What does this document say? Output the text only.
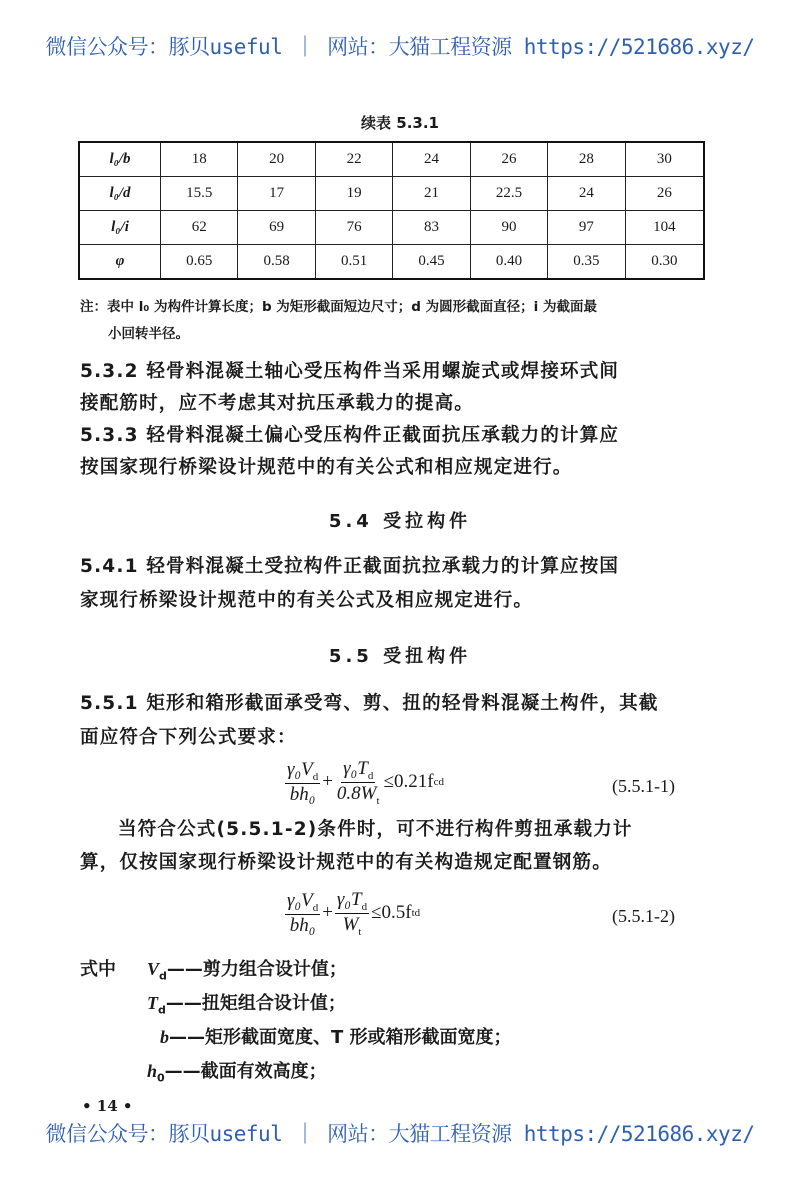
微信公众号：豚贝useful ｜ 网站：大猫工程资源 https://521686.xyz/
续表 5.3.1
l₀/b	18	20	22	24	26	28	30
l₀/d	15.5	17	19	21	22.5	24	26
l₀/i	62	69	76	83	90	97	104
φ	0.65	0.58	0.51	0.45	0.40	0.35	0.30
注：表中 l₀ 为构件计算长度；b 为矩形截面短边尺寸；d 为圆形截面直径；i 为截面最
小回转半径。
5.3.2 轻骨料混凝土轴心受压构件当采用螺旋式或焊接环式间
接配筋时，应不考虑其对抗压承载力的提高。
5.3.3 轻骨料混凝土偏心受压构件正截面抗压承载力的计算应
按国家现行桥梁设计规范中的有关公式和相应规定进行。
5.4 受拉构件
5.4.1 轻骨料混凝土受拉构件正截面抗拉承载力的计算应按国
家现行桥梁设计规范中的有关公式及相应规定进行。
5.5 受扭构件
5.5.1 矩形和箱形截面承受弯、剪、扭的轻骨料混凝土构件，其截
面应符合下列公式要求：
$\frac{\gamma_0V_d}{\text{bh₀}} + \frac{\gamma_0T_d}{0.8W_t} \le 0.21f$ cd	(5.5.1-1)
当符合公式(5.5.1-2)条件时，可不进行构件剪扭承载力计
算，仅按国家现行桥梁设计规范中的有关构造规定配置钢筋。
$\frac{\gamma_0V_d}{\text{bh₀}} + \frac{\gamma_0T_d}{W_t} \le 0.5f$ td	(5.5.1-2)
式中 $V_d——$剪力组合设计值；
$T_d——$扭矩组合设计值；
b——矩形截面宽度、T 形或箱形截面宽度；
$h_0——$截面有效高度；
• 14 •
微信公众号：豚贝useful ｜ 网站：大猫工程资源 https://521686.xyz/
